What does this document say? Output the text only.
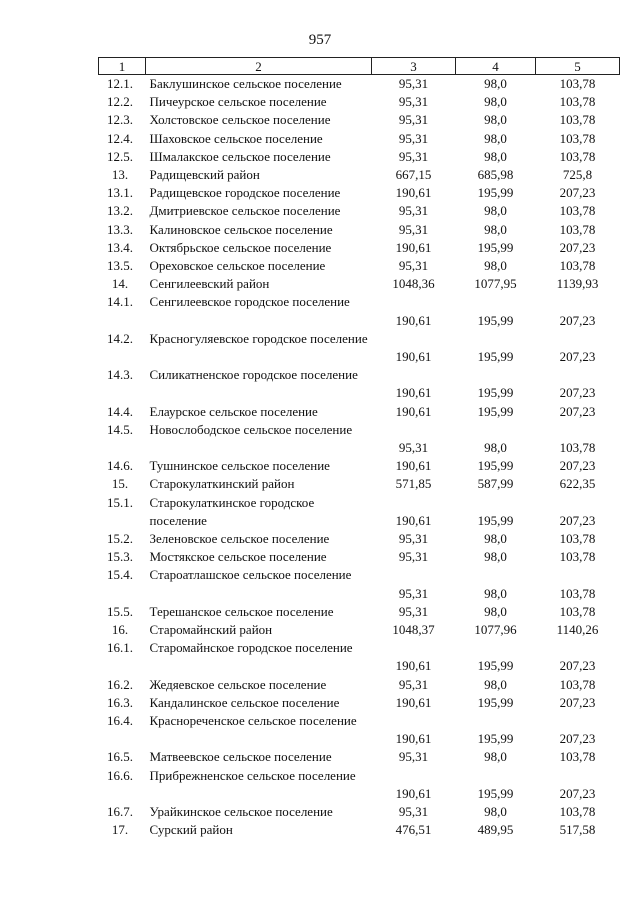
957
1	2	3	4	5
12.1.	Баклушинское сельское поселение	95,31	98,0	103,78
12.2.	Пичеурское сельское поселение	95,31	98,0	103,78
12.3.	Холстовское сельское поселение	95,31	98,0	103,78
12.4.	Шаховское сельское поселение	95,31	98,0	103,78
12.5.	Шмалакское сельское поселение	95,31	98,0	103,78
13.	Радищевский район	667,15	685,98	725,8
13.1.	Радищевское городское поселение	190,61	195,99	207,23
13.2.	Дмитриевское сельское поселение	95,31	98,0	103,78
13.3.	Калиновское сельское поселение	95,31	98,0	103,78
13.4.	Октябрьское сельское поселение	190,61	195,99	207,23
13.5.	Ореховское сельское поселение	95,31	98,0	103,78
14.	Сенгилеевский район	1048,36	1077,95	1139,93
14.1.	Сенгилеевское городское поселение	190,61	195,99	207,23
14.2.	Красногуляевское городское поселение	190,61	195,99	207,23
14.3.	Силикатненское городское поселение	190,61	195,99	207,23
14.4.	Елаурское сельское поселение	190,61	195,99	207,23
14.5.	Новослободское сельское поселение	95,31	98,0	103,78
14.6.	Тушнинское сельское поселение	190,61	195,99	207,23
15.	Старокулаткинский район	571,85	587,99	622,35
15.1.	Старокулаткинское городское поселение	190,61	195,99	207,23
15.2.	Зеленовское сельское поселение	95,31	98,0	103,78
15.3.	Мостякское сельское поселение	95,31	98,0	103,78
15.4.	Староатлашское сельское поселение	95,31	98,0	103,78
15.5.	Терешанское сельское поселение	95,31	98,0	103,78
16.	Старомайнский район	1048,37	1077,96	1140,26
16.1.	Старомайнское городское поселение	190,61	195,99	207,23
16.2.	Жедяевское сельское поселение	95,31	98,0	103,78
16.3.	Кандалинское сельское поселение	190,61	195,99	207,23
16.4.	Краснореченское сельское поселение	190,61	195,99	207,23
16.5.	Матвеевское сельское поселение	95,31	98,0	103,78
16.6.	Прибрежненское сельское поселение	190,61	195,99	207,23
16.7.	Урайкинское сельское поселение	95,31	98,0	103,78
17.	Сурский район	476,51	489,95	517,58
